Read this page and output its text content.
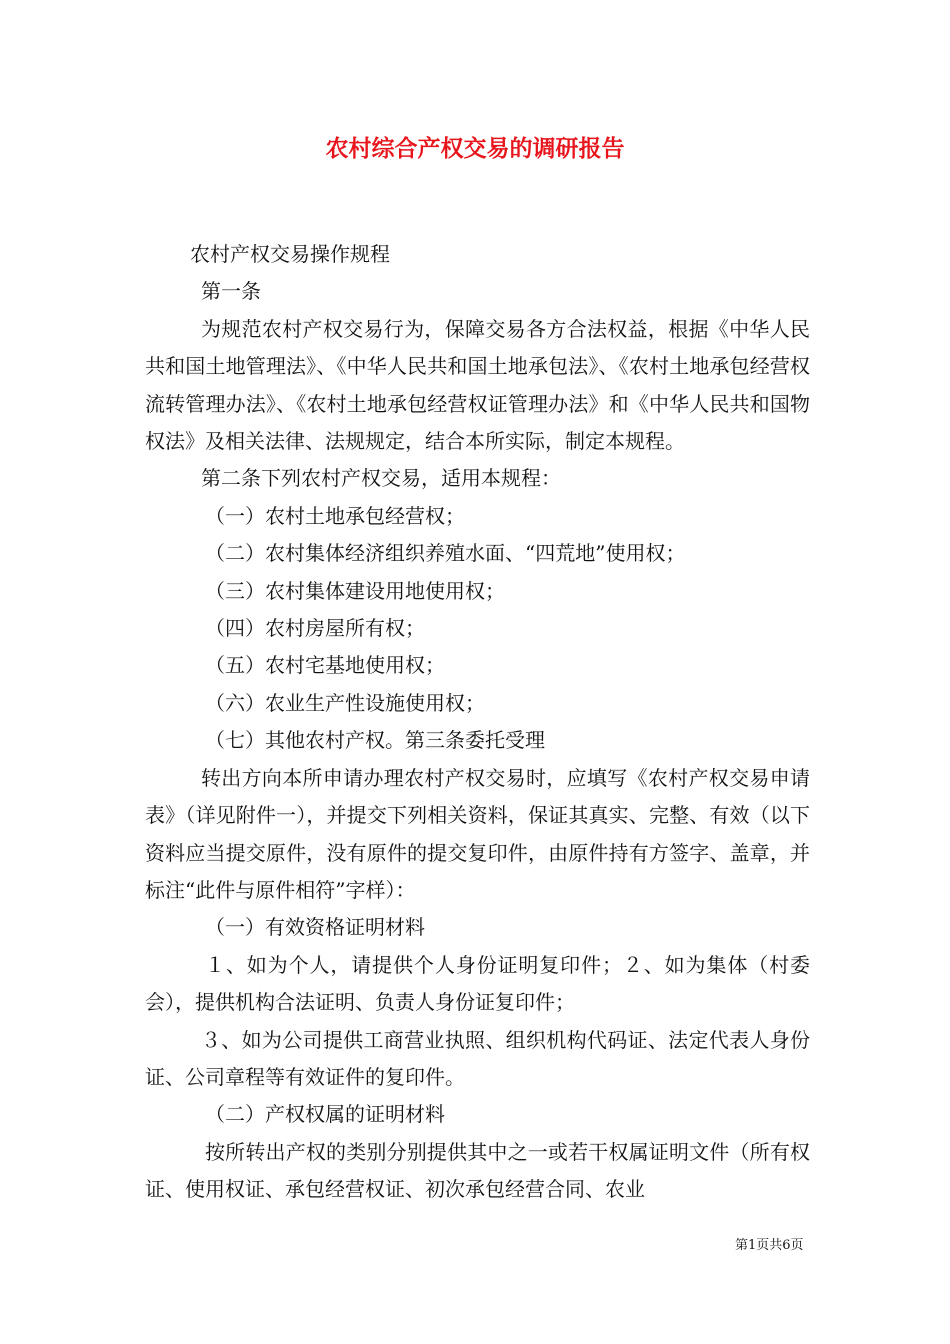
农村综合产权交易的调研报告

农村产权交易操作规程

第一条

为规范农村产权交易行为，保障交易各方合法权益，根据《中华人民共和国土地管理法》、《中华人民共和国土地承包法》、《农村土地承包经营权流转管理办法》、《农村土地承包经营权证管理办法》和《中华人民共和国物权法》及相关法律、法规规定，结合本所实际，制定本规程。

第二条下列农村产权交易，适用本规程：

（一）农村土地承包经营权；

（二）农村集体经济组织养殖水面、“四荒地”使用权；

（三）农村集体建设用地使用权；

（四）农村房屋所有权；

（五）农村宅基地使用权；

（六）农业生产性设施使用权；

（七）其他农村产权。第三条委托受理

转出方向本所申请办理农村产权交易时，应填写《农村产权交易申请表》（详见附件一），并提交下列相关资料，保证其真实、完整、有效（以下资料应当提交原件，没有原件的提交复印件，由原件持有方签字、盖章，并标注“此件与原件相符”字样）：

（一）有效资格证明材料

１、如为个人，请提供个人身份证明复印件；２、如为集体（村委会），提供机构合法证明、负责人身份证复印件；

３、如为公司提供工商营业执照、组织机构代码证、法定代表人身份证、公司章程等有效证件的复印件。

（二）产权权属的证明材料

按所转出产权的类别分别提供其中之一或若干权属证明文件（所有权证、使用权证、承包经营权证、初次承包经营合同、农业

第1页共6页
